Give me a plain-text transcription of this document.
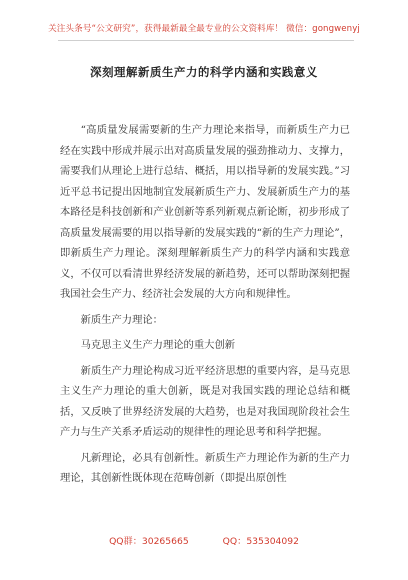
关注头条号“公文研究”，获得最新最全最专业的公文资料库！ 微信：gongwenyj
深刻理解新质生产力的科学内涵和实践意义

“高质量发展需要新的生产力理论来指导，而新质生产力已经在实践中形成并展示出对高质量发展的强劲推动力、支撑力，需要我们从理论上进行总结、概括，用以指导新的发展实践。”习近平总书记提出因地制宜发展新质生产力、发展新质生产力的基本路径是科技创新和产业创新等系列新观点新论断，初步形成了高质量发展需要的用以指导新的发展实践的“新的生产力理论”，即新质生产力理论。深刻理解新质生产力的科学内涵和实践意义，不仅可以看清世界经济发展的新趋势，还可以帮助深刻把握我国社会生产力、经济社会发展的大方向和规律性。

新质生产力理论：

马克思主义生产力理论的重大创新

新质生产力理论构成习近平经济思想的重要内容，是马克思主义生产力理论的重大创新，既是对我国实践的理论总结和概括，又反映了世界经济发展的大趋势，也是对我国现阶段社会生产力与生产关系矛盾运动的规律性的理论思考和科学把握。

凡新理论，必具有创新性。新质生产力理论作为新的生产力理论，其创新性既体现在范畴创新（即提出原创性

QQ群：30265665	QQ：535304092
